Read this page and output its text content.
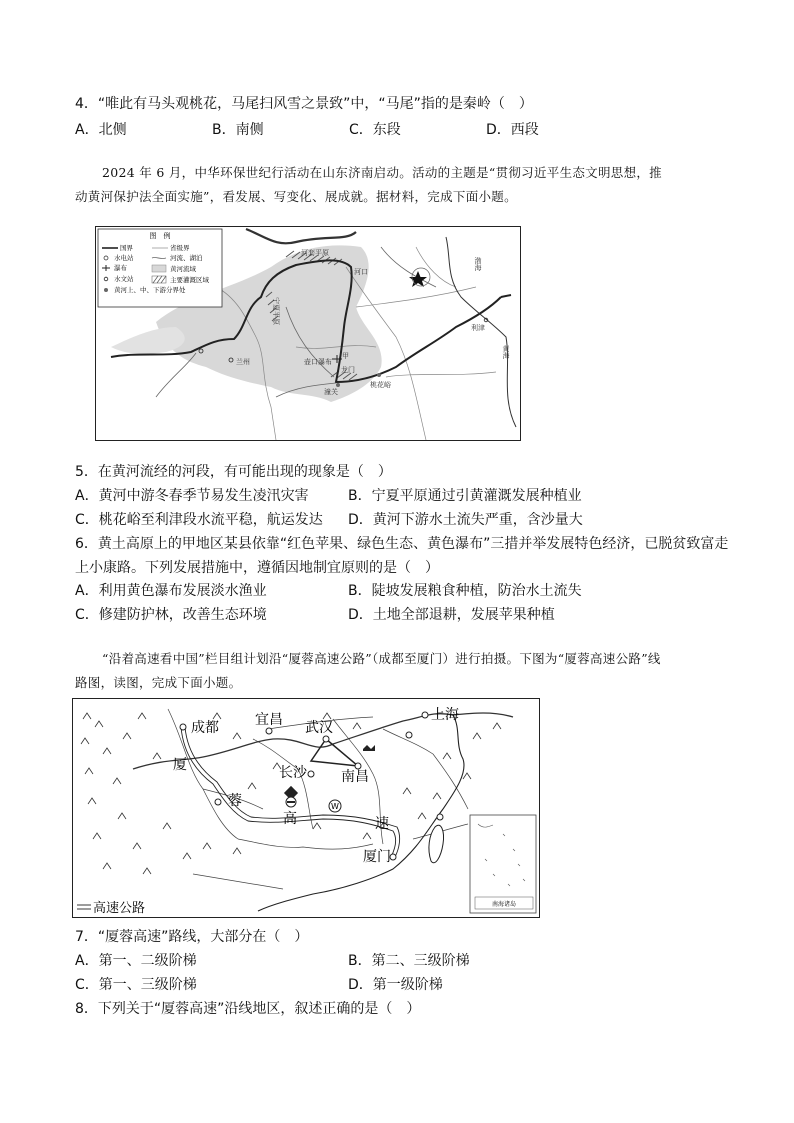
4．“唯此有马头观桃花，马尾扫风雪之景致”中，“马尾”指的是秦岭（　）
A．北侧	B．南侧	C．东段	D．西段
2024 年 6 月，中华环保世纪行活动在山东济南启动。活动的主题是“贯彻习近平生态文明思想，推
动黄河保护法全面实施”，看发展、写变化、展成就。据材料，完成下面小题。
图　例
国界	省级界
水电站	河流、湖泊
瀑布	黄河流域
水文站	主要灌溉区域
黄河上、中、下游分界处
河套平原
宁夏平原
河口
兰州	壶口瀑布
甲
龙门
潼关
桃花峪
利津
渤海
黄海
5．在黄河流经的河段，有可能出现的现象是（　）
A．黄河中游冬春季节易发生凌汛灾害	B．宁夏平原通过引黄灌溉发展种植业
C．桃花峪至利津段水流平稳，航运发达 D．黄河下游水土流失严重，含沙量大
6．黄土高原上的甲地区某县依靠“红色苹果、绿色生态、黄色瀑布”三措并举发展特色经济，已脱贫致富走
上小康路。下列发展措施中，遵循因地制宜原则的是（　）
A．利用黄色瀑布发展淡水渔业	B．陡坡发展粮食种植，防治水土流失
C．修建防护林，改善生态环境	D．土地全部退耕，发展苹果种植
“沿着高速看中国”栏目组计划沿“厦蓉高速公路”（成都至厦门）进行拍摄。下图为“厦蓉高速公路”线
路图，读图，完成下面小题。
W
南海诸岛
成都	宜昌 武汉
上海
长沙 南昌
厦门
厦
蓉
高	速
高速公路
7．“厦蓉高速”路线，大部分在（　）
A．第一、二级阶梯	B．第二、三级阶梯
C．第一、三级阶梯	D．第一级阶梯
8．下列关于“厦蓉高速”沿线地区，叙述正确的是（　）
